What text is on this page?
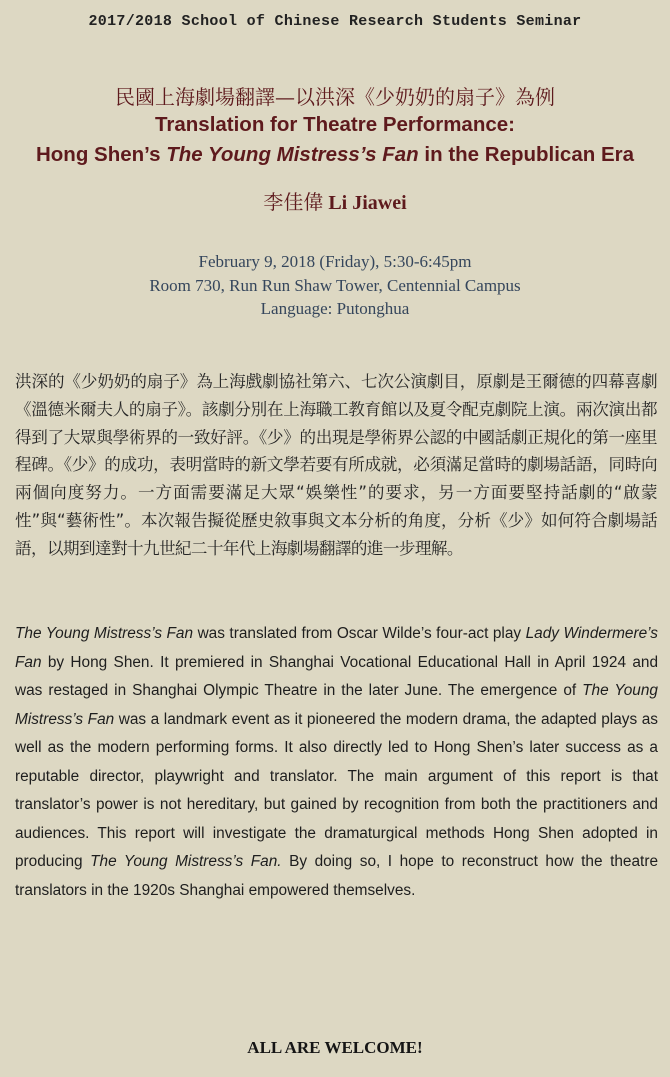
2017/2018 School of Chinese Research Students Seminar
民國上海劇場翻譯—以洪深《少奶奶的扇子》為例
Translation for Theatre Performance:
Hong Shen’s The Young Mistress’s Fan in the Republican Era
李佳偉 Li Jiawei
February 9, 2018 (Friday), 5:30-6:45pm
Room 730, Run Run Shaw Tower, Centennial Campus
Language: Putonghua
洪深的《少奶奶的扇子》為上海戲劇協社第六、七次公演劇目，原劇是王爾德的四幕喜劇《溫德米爾夫人的扇子》。該劇分別在上海職工教育館以及夏令配克劇院上演。兩次演出都得到了大眾與學術界的一致好評。《少》的出現是學術界公認的中國話劇正規化的第一座里程碑。《少》的成功，表明當時的新文學若要有所成就，必須滿足當時的劇場話語，同時向兩個向度努力。一方面需要滿足大眾“娛樂性”的要求，另一方面要堅持話劇的“啟蒙性”與“藝術性”。本次報告擬從歷史敘事與文本分析的角度，分析《少》如何符合劇場話語，以期到達對十九世紀二十年代上海劇場翻譯的進一步理解。
The Young Mistress’s Fan was translated from Oscar Wilde’s four-act play Lady Windermere’s Fan by Hong Shen. It premiered in Shanghai Vocational Educational Hall in April 1924 and was restaged in Shanghai Olympic Theatre in the later June. The emergence of The Young Mistress’s Fan was a landmark event as it pioneered the modern drama, the adapted plays as well as the modern performing forms. It also directly led to Hong Shen’s later success as a reputable director, playwright and translator. The main argument of this report is that translator’s power is not hereditary, but gained by recognition from both the practitioners and audiences. This report will investigate the dramaturgical methods Hong Shen adopted in producing The Young Mistress’s Fan. By doing so, I hope to reconstruct how the theatre translators in the 1920s Shanghai empowered themselves.
ALL ARE WELCOME!
